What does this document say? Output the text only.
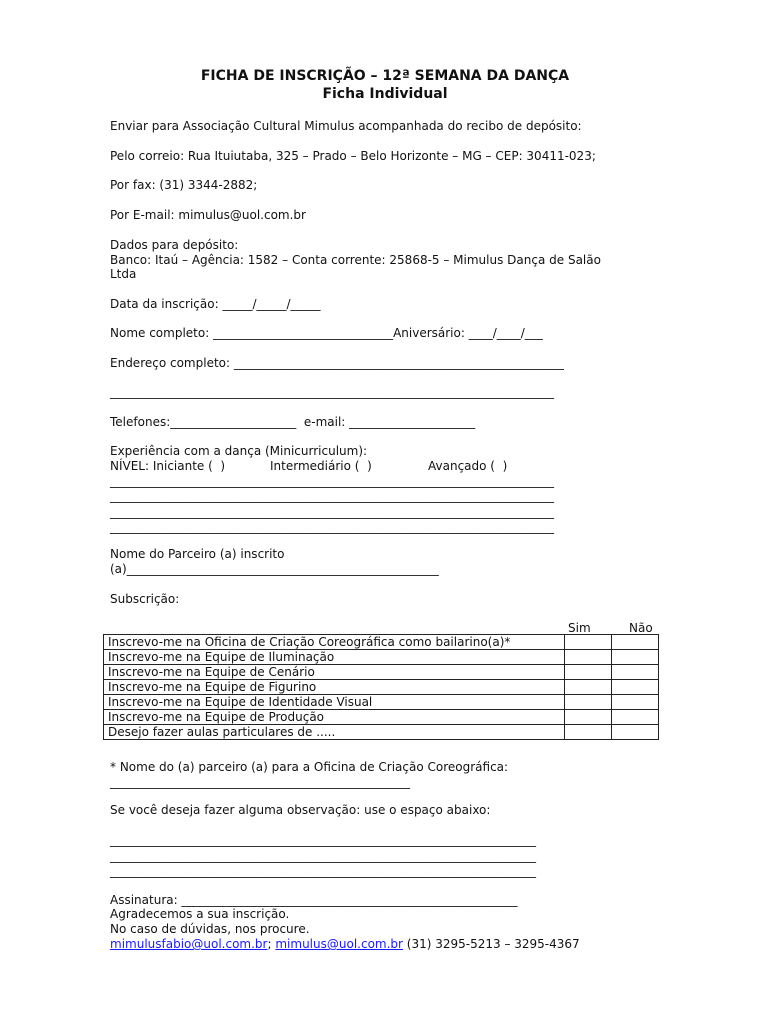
FICHA DE INSCRIÇÃO – 12ª SEMANA DA DANÇA
Ficha Individual
Enviar para Associação Cultural Mimulus acompanhada do recibo de depósito:
Pelo correio: Rua Ituiutaba, 325 – Prado – Belo Horizonte – MG – CEP: 30411-023;
Por fax: (31) 3344-2882;
Por E-mail: mimulus@uol.com.br
Dados para depósito:
Banco: Itaú – Agência: 1582 – Conta corrente: 25868-5 – Mimulus Dança de Salão
Ltda
Data da inscrição: _____/_____/_____
Nome completo: ______________________________Aniversário: ____/____/___
Endereço completo: _______________________________________________________
__________________________________________________________________________
Telefones:_____________________  e-mail: _____________________
Experiência com a dança (Minicurriculum):
NÍVEL: Iniciante (  )	Intermediário (  )	Avançado (  )
__________________________________________________________________________
__________________________________________________________________________
__________________________________________________________________________
__________________________________________________________________________
Nome do Parceiro (a) inscrito
(a)____________________________________________________
Subscrição:
Sim	Não
Inscrevo-me na Oficina de Criação Coreográfica como bailarino(a)*		
Inscrevo-me na Equipe de Iluminação		
Inscrevo-me na Equipe de Cenário		
Inscrevo-me na Equipe de Figurino		
Inscrevo-me na Equipe de Identidade Visual		
Inscrevo-me na Equipe de Produção		
Desejo fazer aulas particulares de .....		
* Nome do (a) parceiro (a) para a Oficina de Criação Coreográfica:
__________________________________________________
Se você deseja fazer alguma observação: use o espaço abaixo:
_______________________________________________________________________
_______________________________________________________________________
_______________________________________________________________________
Assinatura: ________________________________________________________
Agradecemos a sua inscrição.
No caso de dúvidas, nos procure.
mimulusfabio@uol.com.br; mimulus@uol.com.br (31) 3295-5213 – 3295-4367
